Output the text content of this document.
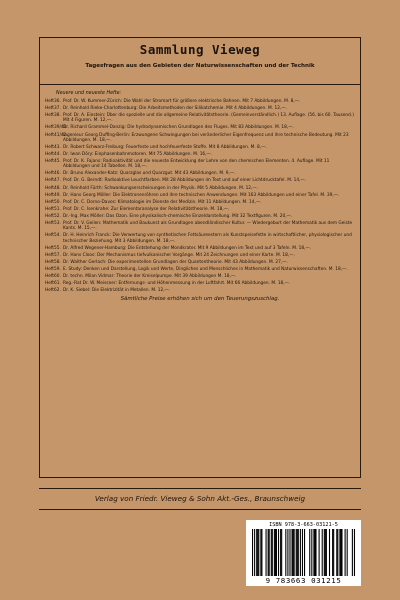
Sammlung Vieweg
Tagesfragen aus den Gebieten der Naturwissenschaften und der Technik
Neuere und neueste Hefte:
Heft36. Prof. Dr. W. Kummer-Zürich: Die Wahl der Stromart für größere elektrische Bahnen. Mit 7 Abbildungen. M. 8,—.
Heft37. Dr. Reinhold Rieke-Charlottenburg: Die Arbeitsmethoden der Silikatchemie. Mit 4 Abbildungen. M. 12,—.
Heft38. Prof. Dr. A. Einstein: Über die spezielle und die allgemeine Relativitätstheorie. (Gemeinverständlich.) 13. Auflage. (56. bis 60. Tausend.) Mit 4 Figuren. M. 12,—.
Heft39/40.
Dr. Richard Grammel-Danzig: Die hydrodynamischen Grundlagen des Fluges. Mit 83 Abbildungen. M. 18,—.
Heft41/42.
Ingenieur Georg Duffing-Berlin: Erzwungene Schwingungen bei veränderlicher Eigenfrequenz und ihre technische Bedeutung. Mit 23 Abbildungen. M. 18,—.
Heft43. Dr. Robert Schwarz-Freiburg: Feuerfeste und hochfeuerfeste Stoffe. Mit 8 Abbildungen. M. 8,—.
Heft44. Dr. Iwan Döry: Einphasenbahnmotoren. Mit 75 Abbildungen. M. 16,—.
Heft45. Prof. Dr. K. Fajans: Radioaktivität und die neueste Entwicklung der Lehre von den chemischen Elementen. 4. Auflage. Mit 11 Abbildungen und 14 Tabellen. M. 18,—.
Heft46. Dr. Bruno Alexander-Katz: Quarzglas und Quarzgut. Mit 43 Abbildungen. M. 9,—.
Heft47. Prof. Dr. G. Berndt: Radioaktive Leuchtfarben. Mit 28 Abbildungen im Text und auf einer Lichtdrucktafel. M. 14,—.
Heft48. Dr. Reinhold Fürth: Schwankungserscheinungen in der Physik. Mit 5 Abbildungen. M. 12,—.
Heft49. Dr. Hans Georg Möller: Die Elektronenröhren und ihre technischen Anwendungen. Mit 163 Abbildungen und einer Tafel. M. 39,—.
Heft50. Prof. Dr. C. Dorno-Davos: Klimatologie im Dienste der Medizin. Mit 11 Abbildungen. M. 14,—.
Heft51. Prof. Dr. C. Isenkrahe: Zur Elementaranalyse der Relativitätstheorie. M. 18,—.
Heft52. Dr.-Ing. Max Möller: Das Ozon. Eine physikalisch-chemische Einzeldarstellung. Mit 32 Textfiguren. M. 20,—.
Heft53. Prof. Dr. V. Geilen: Mathematik und Baukunst als Grundlagen abendländischer Kultur. — Wiedergeburt der Mathematik aus dem Geiste Kants. M. 15,—.
Heft54. Dr. H. Heinrich Franck: Die Verwertung von synthetischen Fettsäureestern als Kunstspeisefette in wirtschaftlicher, physiologischer und technischer Beziehung. Mit 3 Abbildungen. M. 18,—.
Heft55. Dr. Alfred Wegener-Hamburg: Die Entstehung der Mondkrater. Mit 9 Abbildungen im Text und auf 3 Tafeln. M. 18,—.
Heft57. Dr. Hans Cloos: Der Mechanismus tiefvulkanischer Vorgänge. Mit 24 Zeichnungen und einer Karte. M. 18,—.
Heft58. Dr. Walther Gerlach: Die experimentellen Grundlagen der Quantentheorie. Mit 43 Abbildungen. M. 27,—.
Heft59. E. Study: Denken und Darstellung, Logik und Werte, Dingliches und Menschliches in Mathematik und Naturwissenschaften. M. 18,—.
Heft60. Dr. techn. Milan Vidmar: Theorie der Kreiselpumpe. Mit 39 Abbildungen M. 18,—.
Heft61. Reg.-Rat Dr. W. Meissner: Entfernungs- und Höhenmessung in der Luftfahrt. Mit 66 Abbildungen. M. 18,—.
Heft62. Dr. K. Siebel: Die Elektrizität in Metallen. M. 12,—.
Sämtliche Preise erhöhen sich um den Teuerungszuschlag.
Verlag von Friedr. Vieweg & Sohn Akt.-Ges., Braunschweig
ISBN 978-3-663-03121-5
9 783663 031215
